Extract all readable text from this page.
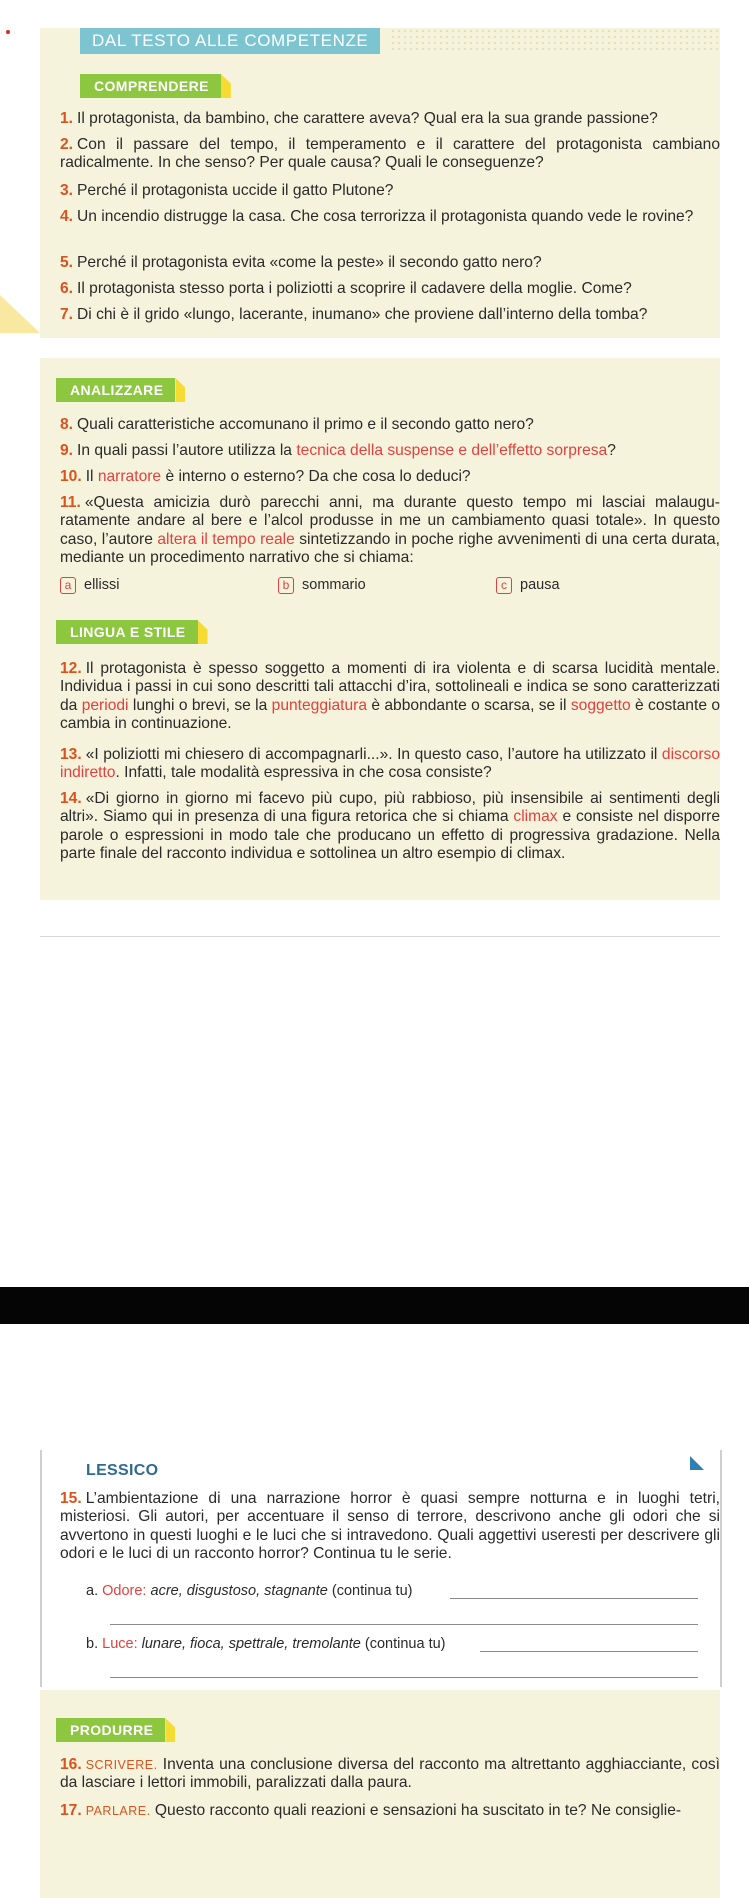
DAL TESTO ALLE COMPETENZE
COMPRENDERE
1. Il protagonista, da bambino, che carattere aveva? Qual era la sua grande passione?
2. Con il passare del tempo, il temperamento e il carattere del protagonista cambiano radicalmente. In che senso? Per quale causa? Quali le conseguenze?
3. Perché il protagonista uccide il gatto Plutone?
4. Un incendio distrugge la casa. Che cosa terrorizza il protagonista quando vede le rovine?
5. Perché il protagonista evita «come la peste» il secondo gatto nero?
6. Il protagonista stesso porta i poliziotti a scoprire il cadavere della moglie. Come?
7. Di chi è il grido «lungo, lacerante, inumano» che proviene dall’interno della tomba?
ANALIZZARE
8. Quali caratteristiche accomunano il primo e il secondo gatto nero?
9. In quali passi l’autore utilizza la tecnica della suspense e dell’effetto sorpresa?
10. Il narratore è interno o esterno? Da che cosa lo deduci?
11. «Questa amicizia durò parecchi anni, ma durante questo tempo mi lasciai malauguratamente andare al bere e l’alcol produsse in me un cambiamento quasi totale». In questo caso, l’autore altera il tempo reale sintetizzando in poche righe avvenimenti di una certa durata, mediante un procedimento narrativo che si chiama:
a ellissi	b sommario	c pausa
LINGUA E STILE
12. Il protagonista è spesso soggetto a momenti di ira violenta e di scarsa lucidità mentale. Individua i passi in cui sono descritti tali attacchi d’ira, sottolineali e indica se sono caratterizzati da periodi lunghi o brevi, se la punteggiatura è abbondante o scarsa, se il soggetto è costante o cambia in continuazione.
13. «I poliziotti mi chiesero di accompagnarli...». In questo caso, l’autore ha utilizzato il discorso indiretto. Infatti, tale modalità espressiva in che cosa consiste?
14. «Di giorno in giorno mi facevo più cupo, più rabbioso, più insensibile ai sentimenti degli altri». Siamo qui in presenza di una figura retorica che si chiama climax e consiste nel disporre parole o espressioni in modo tale che producano un effetto di progressiva gradazione. Nella parte finale del racconto individua e sottolinea un altro esempio di climax.
LESSICO
15. L’ambientazione di una narrazione horror è quasi sempre notturna e in luoghi tetri, misteriosi. Gli autori, per accentuare il senso di terrore, descrivono anche gli odori che si avvertono in questi luoghi e le luci che si intravedono. Quali aggettivi useresti per descrivere gli odori e le luci di un racconto horror? Continua tu le serie.
a. Odore: acre, disgustoso, stagnante (continua tu)
b. Luce: lunare, fioca, spettrale, tremolante (continua tu)
PRODURRE
16. SCRIVERE. Inventa una conclusione diversa del racconto ma altrettanto agghiacciante, così da lasciare i lettori immobili, paralizzati dalla paura.
17. PARLARE. Questo racconto quali reazioni e sensazioni ha suscitato in te? Ne consiglie-
